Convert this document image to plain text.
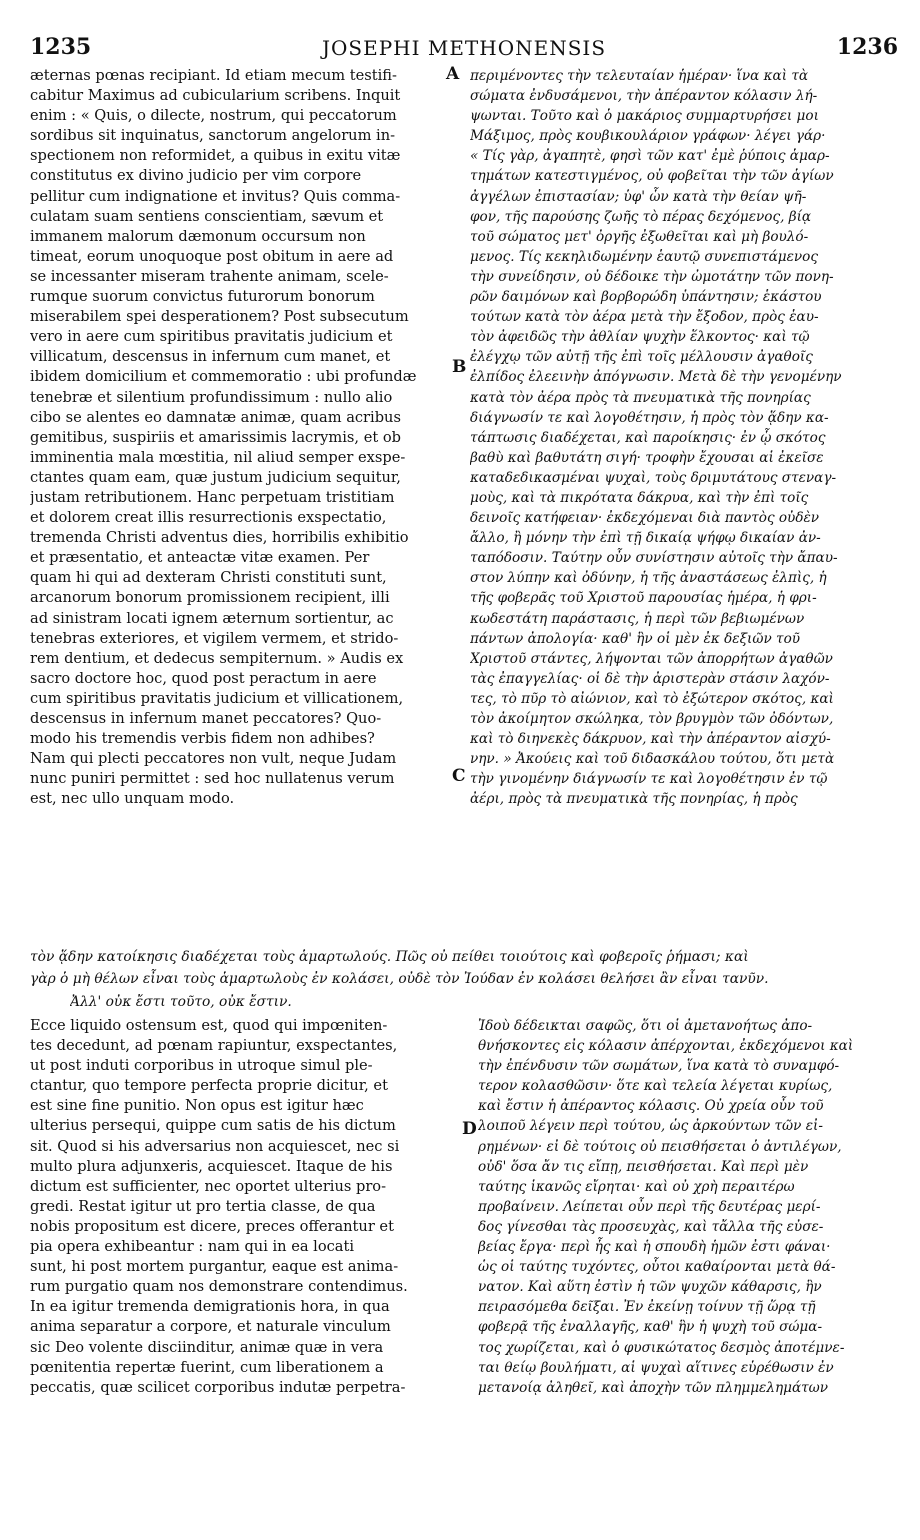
1235	JOSEPHI METHONENSIS	1236
A
B
C
D
æternas pœnas recipiant. Id etiam mecum testifi-
cabitur Maximus ad cubicularium scribens. Inquit
enim : « Quis, o dilecte, nostrum, qui peccatorum
sordibus sit inquinatus, sanctorum angelorum in-
spectionem non reformidet, a quibus in exitu vitæ
constitutus ex divino judicio per vim corpore
pellitur cum indignatione et invitus? Quis comma-
culatam suam sentiens conscientiam, sævum et
immanem malorum dæmonum occursum non
timeat, eorum unoquoque post obitum in aere ad
se incessanter miseram trahente animam, scele-
rumque suorum convictus futurorum bonorum
miserabilem spei desperationem? Post subsecutum
vero in aere cum spiritibus pravitatis judicium et
villicatum, descensus in infernum cum manet, et
ibidem domicilium et commemoratio : ubi profundæ
tenebræ et silentium profundissimum : nullo alio
cibo se alentes eo damnatæ animæ, quam acribus
gemitibus, suspiriis et amarissimis lacrymis, et ob
imminentia mala mœstitia, nil aliud semper exspe-
ctantes quam eam, quæ justum judicium sequitur,
justam retributionem. Hanc perpetuam tristitiam
et dolorem creat illis resurrectionis exspectatio,
tremenda Christi adventus dies, horribilis exhibitio
et præsentatio, et anteactæ vitæ examen. Per
quam hi qui ad dexteram Christi constituti sunt,
arcanorum bonorum promissionem recipient, illi
ad sinistram locati ignem æternum sortientur, ac
tenebras exteriores, et vigilem vermem, et strido-
rem dentium, et dedecus sempiternum. » Audis ex
sacro doctore hoc, quod post peractum in aere
cum spiritibus pravitatis judicium et villicationem,
descensus in infernum manet peccatores? Quo-
modo his tremendis verbis fidem non adhibes?
Nam qui plecti peccatores non vult, neque Judam
nunc puniri permittet : sed hoc nullatenus verum
est, nec ullo unquam modo.
περιμένοντες τὴν τελευταίαν ἡμέραν· ἵνα καὶ τὰ
σώματα ἐνδυσάμενοι, τὴν ἀπέραντον κόλασιν λή-
ψωνται. Τοῦτο καὶ ὁ μακάριος συμμαρτυρήσει μοι
Μάξιμος, πρὸς κουβικουλάριον γράφων· λέγει γάρ·
« Τίς γὰρ, ἀγαπητὲ, φησὶ τῶν κατ' ἐμὲ ῥύποις ἁμαρ-
τημάτων κατεστιγμένος, οὐ φοβεῖται τὴν τῶν ἁγίων
ἀγγέλων ἐπιστασίαν; ὑφ' ὧν κατὰ τὴν θείαν ψῆ-
φον, τῆς παρούσης ζωῆς τὸ πέρας δεχόμενος, βίᾳ
τοῦ σώματος μετ' ὀργῆς ἐξωθεῖται καὶ μὴ βουλό-
μενος. Τίς κεκηλιδωμένην ἑαυτῷ συνεπιστάμενος
τὴν συνείδησιν, οὐ δέδοικε τὴν ὠμοτάτην τῶν πονη-
ρῶν δαιμόνων καὶ βορβορώδη ὑπάντησιν; ἑκάστου
τούτων κατὰ τὸν ἀέρα μετὰ τὴν ἔξοδον, πρὸς ἑαυ-
τὸν ἀφειδῶς τὴν ἀθλίαν ψυχὴν ἕλκοντος· καὶ τῷ
ἐλέγχῳ τῶν αὐτῇ τῆς ἐπὶ τοῖς μέλλουσιν ἀγαθοῖς
ἐλπίδος ἐλεεινὴν ἀπόγνωσιν. Μετὰ δὲ τὴν γενομένην
κατὰ τὸν ἀέρα πρὸς τὰ πνευματικὰ τῆς πονηρίας
διάγνωσίν τε καὶ λογοθέτησιν, ἡ πρὸς τὸν ᾅδην κα-
τάπτωσις διαδέχεται, καὶ παροίκησις· ἐν ᾧ σκότος
βαθὺ καὶ βαθυτάτη σιγή· τροφὴν ἔχουσαι αἱ ἐκεῖσε
καταδεδικασμέναι ψυχαὶ, τοὺς δριμυτάτους στεναγ-
μοὺς, καὶ τὰ πικρότατα δάκρυα, καὶ τὴν ἐπὶ τοῖς
δεινοῖς κατήφειαν· ἐκδεχόμεναι διὰ παντὸς οὐδὲν
ἄλλο, ἢ μόνην τὴν ἐπὶ τῇ δικαίᾳ ψήφῳ δικαίαν ἀν-
ταπόδοσιν. Ταύτην οὖν συνίστησιν αὐτοῖς τὴν ἄπαυ-
στον λύπην καὶ ὀδύνην, ἡ τῆς ἀναστάσεως ἐλπὶς, ἡ
τῆς φοβερᾶς τοῦ Χριστοῦ παρουσίας ἡμέρα, ἡ φρι-
κωδεστάτη παράστασις, ἡ περὶ τῶν βεβιωμένων
πάντων ἀπολογία· καθ' ἣν οἱ μὲν ἐκ δεξιῶν τοῦ
Χριστοῦ στάντες, λήψονται τῶν ἀπορρήτων ἀγαθῶν
τὰς ἐπαγγελίας· οἱ δὲ τὴν ἀριστερὰν στάσιν λαχόν-
τες, τὸ πῦρ τὸ αἰώνιον, καὶ τὸ ἐξώτερον σκότος, καὶ
τὸν ἀκοίμητον σκώληκα, τὸν βρυγμὸν τῶν ὀδόντων,
καὶ τὸ διηνεκὲς δάκρυον, καὶ τὴν ἀπέραντον αἰσχύ-
νην. » Ἀκούεις καὶ τοῦ διδασκάλου τούτου, ὅτι μετὰ
τὴν γινομένην διάγνωσίν τε καὶ λογοθέτησιν ἐν τῷ
ἀέρι, πρὸς τὰ πνευματικὰ τῆς πονηρίας, ἡ πρὸς
τὸν ᾅδην κατοίκησις διαδέχεται τοὺς ἁμαρτωλούς. Πῶς οὐ πείθει τοιούτοις καὶ φοβεροῖς ῥήμασι; καὶ
γὰρ ὁ μὴ θέλων εἶναι τοὺς ἁμαρτωλοὺς ἐν κολάσει, οὐδὲ τὸν Ἰούδαν ἐν κολάσει θελήσει ἂν εἶναι τανῦν.
Ἀλλ' οὐκ ἔστι τοῦτο, οὐκ ἔστιν.
Ecce liquido ostensum est, quod qui impœniten-
tes decedunt, ad pœnam rapiuntur, exspectantes,
ut post induti corporibus in utroque simul ple-
ctantur, quo tempore perfecta proprie dicitur, et
est sine fine punitio. Non opus est igitur hæc
ulterius persequi, quippe cum satis de his dictum
sit. Quod si his adversarius non acquiescet, nec si
multo plura adjunxeris, acquiescet. Itaque de his
dictum est sufficienter, nec oportet ulterius pro-
gredi. Restat igitur ut pro tertia classe, de qua
nobis propositum est dicere, preces offerantur et
pia opera exhibeantur : nam qui in ea locati
sunt, hi post mortem purgantur, eaque est anima-
rum purgatio quam nos demonstrare contendimus.
In ea igitur tremenda demigrationis hora, in qua
anima separatur a corpore, et naturale vinculum
sic Deo volente disciinditur, animæ quæ in vera
pœnitentia repertæ fuerint, cum liberationem a
peccatis, quæ scilicet corporibus indutæ perpetra-
Ἰδοὺ δέδεικται σαφῶς, ὅτι οἱ ἀμετανοήτως ἀπο-
θνήσκοντες εἰς κόλασιν ἀπέρχονται, ἐκδεχόμενοι καὶ
τὴν ἐπένδυσιν τῶν σωμάτων, ἵνα κατὰ τὸ συναμφό-
τερον κολασθῶσιν· ὅτε καὶ τελεία λέγεται κυρίως,
καὶ ἔστιν ἡ ἀπέραντος κόλασις. Οὐ χρεία οὖν τοῦ
λοιποῦ λέγειν περὶ τούτου, ὡς ἀρκούντων τῶν εἰ-
ρημένων· εἰ δὲ τούτοις οὐ πεισθήσεται ὁ ἀντιλέγων,
οὐδ' ὅσα ἄν τις εἴπῃ, πεισθήσεται. Καὶ περὶ μὲν
ταύτης ἱκανῶς εἴρηται· καὶ οὐ χρὴ περαιτέρω
προβαίνειν. Λείπεται οὖν περὶ τῆς δευτέρας μερί-
δος γίνεσθαι τὰς προσευχὰς, καὶ τἄλλα τῆς εὐσε-
βείας ἔργα· περὶ ἧς καὶ ἡ σπουδὴ ἡμῶν ἐστι φάναι·
ὡς οἱ ταύτης τυχόντες, οὗτοι καθαίρονται μετὰ θά-
νατον. Καὶ αὕτη ἐστὶν ἡ τῶν ψυχῶν κάθαρσις, ἣν
πειρασόμεθα δεῖξαι. Ἐν ἐκείνῃ τοίνυν τῇ ὥρᾳ τῇ
φοβερᾷ τῆς ἐναλλαγῆς, καθ' ἣν ἡ ψυχὴ τοῦ σώμα-
τος χωρίζεται, καὶ ὁ φυσικώτατος δεσμὸς ἀποτέμνε-
ται θείῳ βουλήματι, αἱ ψυχαὶ αἵτινες εὑρέθωσιν ἐν
μετανοίᾳ ἀληθεῖ, καὶ ἀποχὴν τῶν πλημμελημάτων
